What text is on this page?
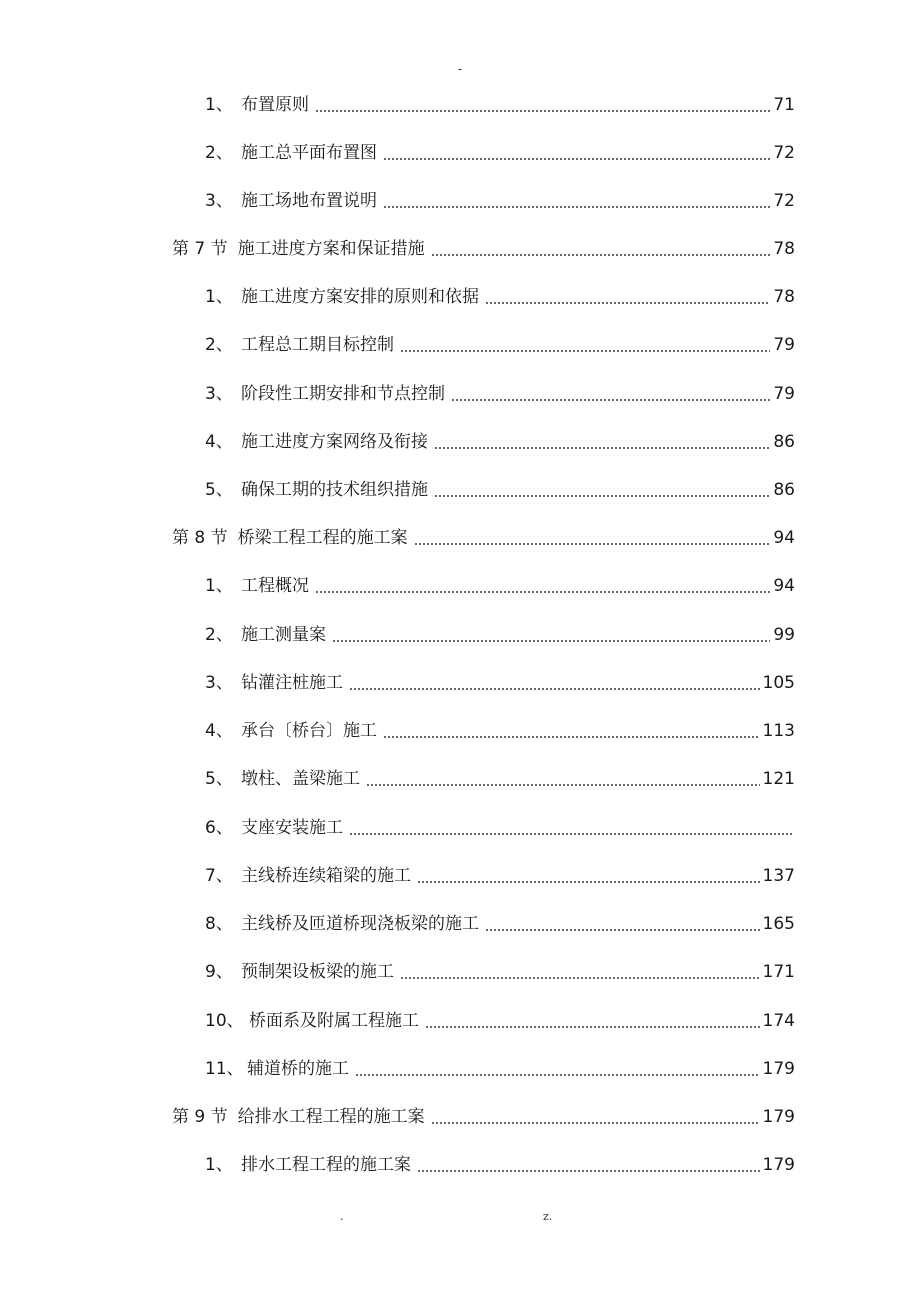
-
1、 布置原则	71
2、 施工总平面布置图	72
3、 施工场地布置说明	72
第 7 节 施工进度方案和保证措施	78
1、 施工进度方案安排的原则和依据	78
2、 工程总工期目标控制	79
3、 阶段性工期安排和节点控制	79
4、 施工进度方案网络及衔接	86
5、 确保工期的技术组织措施	86
第 8 节 桥梁工程工程的施工案	94
1、 工程概况	94
2、 施工测量案	99
3、 钻灌注桩施工	105
4、 承台〔桥台〕施工	113
5、 墩柱、盖梁施工	121
6、 支座安装施工
7、 主线桥连续箱梁的施工	137
8、 主线桥及匝道桥现浇板梁的施工	165
9、 预制架设板梁的施工	171
10、 桥面系及附属工程施工	174
11、 辅道桥的施工	179
第 9 节 给排水工程工程的施工案	179
1、 排水工程工程的施工案	179
.	z.
